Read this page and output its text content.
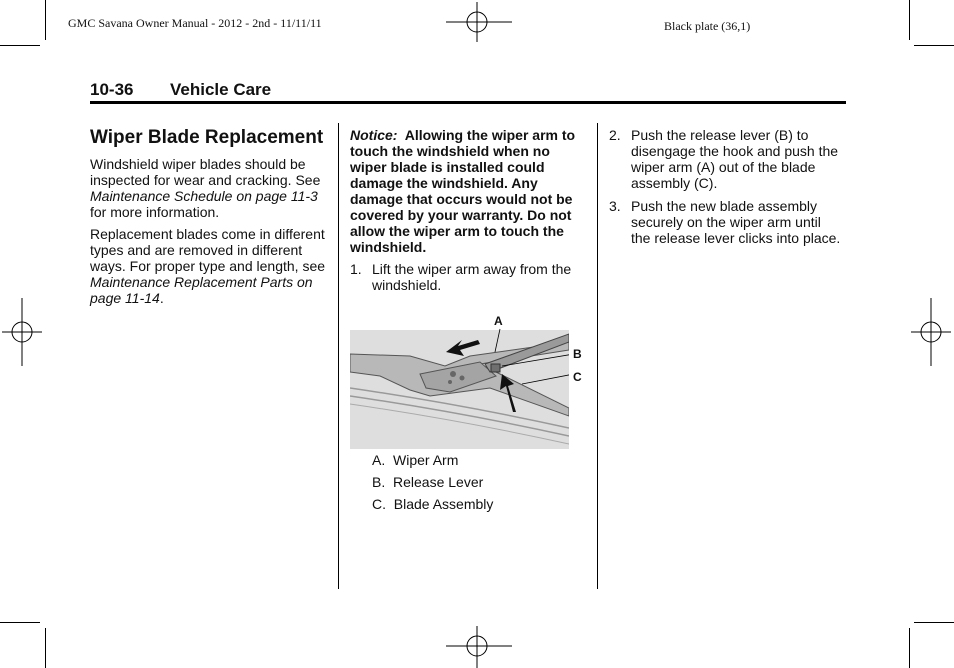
GMC Savana Owner Manual - 2012 - 2nd - 11/11/11	Black plate (36,1)
10-36 Vehicle Care
Wiper Blade Replacement

Windshield wiper blades should be inspected for wear and cracking. See Maintenance Schedule on page 11-3 for more information.

Replacement blades come in different types and are removed in different ways. For proper type and length, see Maintenance Replacement Parts on page 11-14.

Notice: Allowing the wiper arm to touch the windshield when no wiper blade is installed could damage the windshield. Any damage that occurs would not be covered by your warranty. Do not allow the wiper arm to touch the windshield.

1. Lift the wiper arm away from the windshield.
A
B
C
A. Wiper Arm
B. Release Lever
C. Blade Assembly
2. Push the release lever (B) to disengage the hook and push the wiper arm (A) out of the blade assembly (C).
3. Push the new blade assembly securely on the wiper arm until the release lever clicks into place.
